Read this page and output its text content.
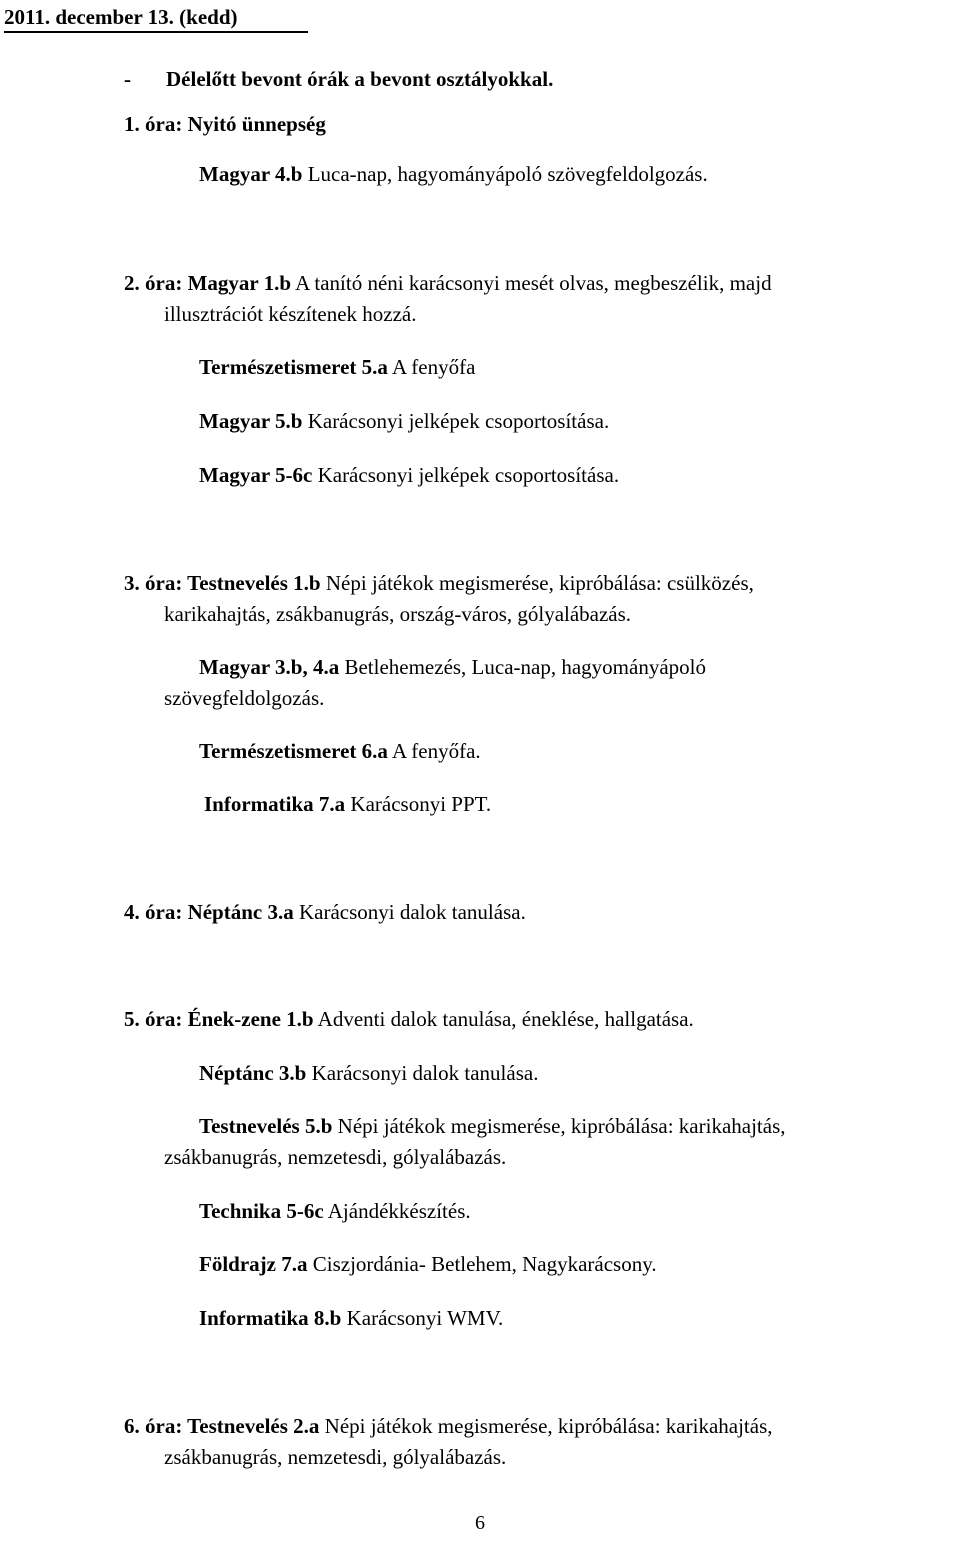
2011. december 13. (kedd)
- Délelőtt bevont órák a bevont osztályokkal.
1. óra: Nyitó ünnepség
Magyar 4.b Luca-nap, hagyományápoló szövegfeldolgozás.
2. óra: Magyar 1.b A tanító néni karácsonyi mesét olvas, megbeszélik, majd
illusztrációt készítenek hozzá.
Természetismeret 5.a A fenyőfa
Magyar 5.b Karácsonyi jelképek csoportosítása.
Magyar 5-6c Karácsonyi jelképek csoportosítása.
3. óra: Testnevelés 1.b Népi játékok megismerése, kipróbálása: csülközés,
karikahajtás, zsákbanugrás, ország-város, gólyalábazás.
Magyar 3.b, 4.a Betlehemezés, Luca-nap, hagyományápoló
szövegfeldolgozás.
Természetismeret 6.a A fenyőfa.
Informatika 7.a Karácsonyi PPT.
4. óra: Néptánc 3.a Karácsonyi dalok tanulása.
5. óra: Ének-zene 1.b Adventi dalok tanulása, éneklése, hallgatása.
Néptánc 3.b Karácsonyi dalok tanulása.
Testnevelés 5.b Népi játékok megismerése, kipróbálása: karikahajtás,
zsákbanugrás, nemzetesdi, gólyalábazás.
Technika 5-6c Ajándékkészítés.
Földrajz 7.a Ciszjordánia- Betlehem, Nagykarácsony.
Informatika 8.b Karácsonyi WMV.
6. óra: Testnevelés 2.a Népi játékok megismerése, kipróbálása: karikahajtás,
zsákbanugrás, nemzetesdi, gólyalábazás.
6
